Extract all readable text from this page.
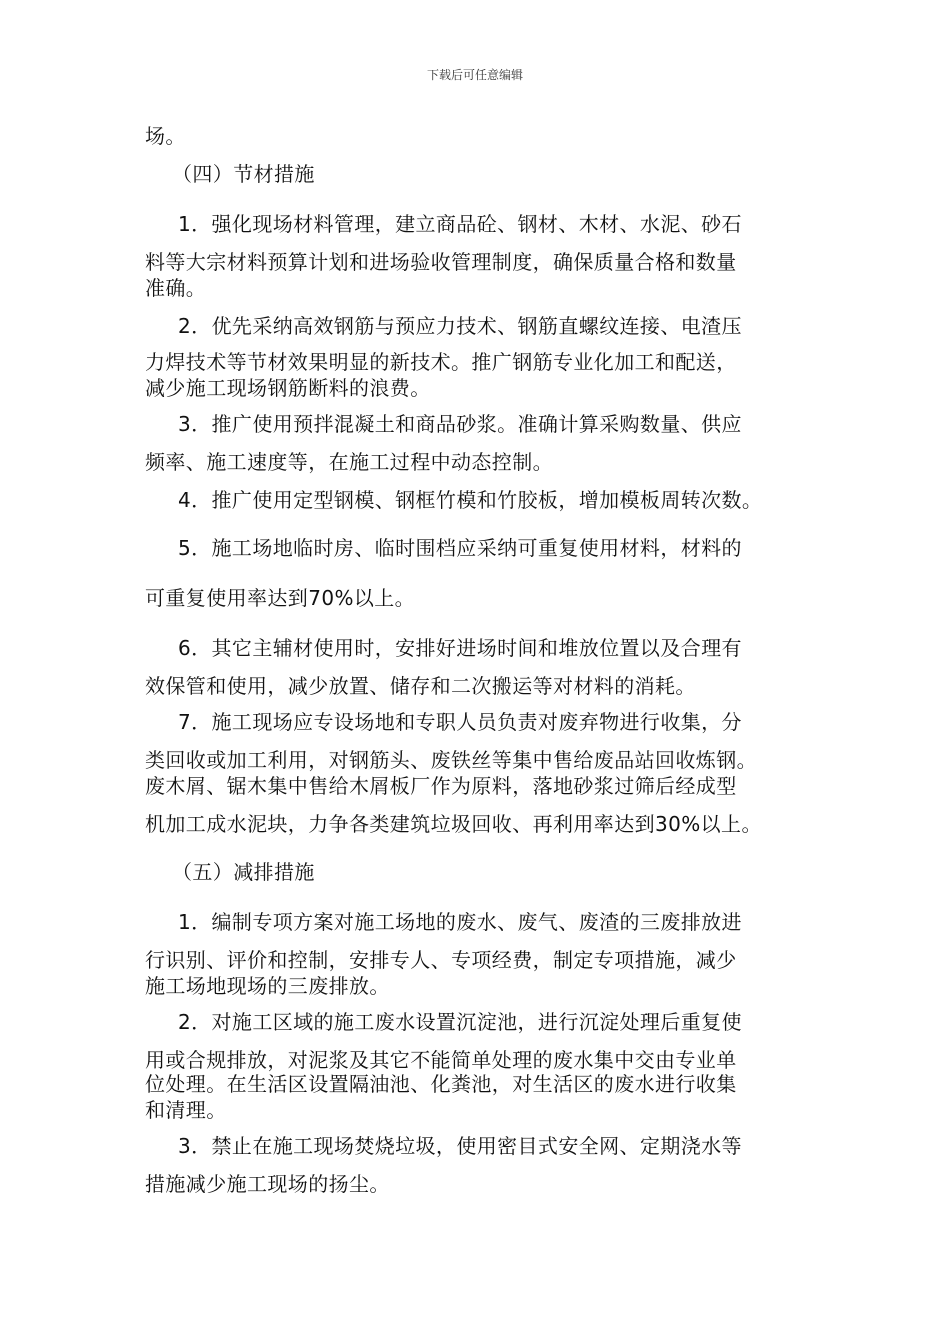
下载后可任意编辑
场。
（四）节材措施
1．强化现场材料管理，建立商品砼、钢材、木材、水泥、砂石
料等大宗材料预算计划和进场验收管理制度，确保质量合格和数量
准确。
2．优先采纳高效钢筋与预应力技术、钢筋直螺纹连接、电渣压
力焊技术等节材效果明显的新技术。推广钢筋专业化加工和配送，
减少施工现场钢筋断料的浪费。
3．推广使用预拌混凝土和商品砂浆。准确计算采购数量、供应
频率、施工速度等，在施工过程中动态控制。
4．推广使用定型钢模、钢框竹模和竹胶板，增加模板周转次数。
5．施工场地临时房、临时围档应采纳可重复使用材料，材料的
可重复使用率达到70%以上。
6．其它主辅材使用时，安排好进场时间和堆放位置以及合理有
效保管和使用，减少放置、储存和二次搬运等对材料的消耗。
7．施工现场应专设场地和专职人员负责对废弃物进行收集，分
类回收或加工利用，对钢筋头、废铁丝等集中售给废品站回收炼钢。
废木屑、锯木集中售给木屑板厂作为原料，落地砂浆过筛后经成型
机加工成水泥块，力争各类建筑垃圾回收、再利用率达到30%以上。
（五）减排措施
1．编制专项方案对施工场地的废水、废气、废渣的三废排放进
行识别、评价和控制，安排专人、专项经费，制定专项措施，减少
施工场地现场的三废排放。
2．对施工区域的施工废水设置沉淀池，进行沉淀处理后重复使
用或合规排放，对泥浆及其它不能简单处理的废水集中交由专业单
位处理。在生活区设置隔油池、化粪池，对生活区的废水进行收集
和清理。
3．禁止在施工现场焚烧垃圾，使用密目式安全网、定期浇水等
措施减少施工现场的扬尘。
